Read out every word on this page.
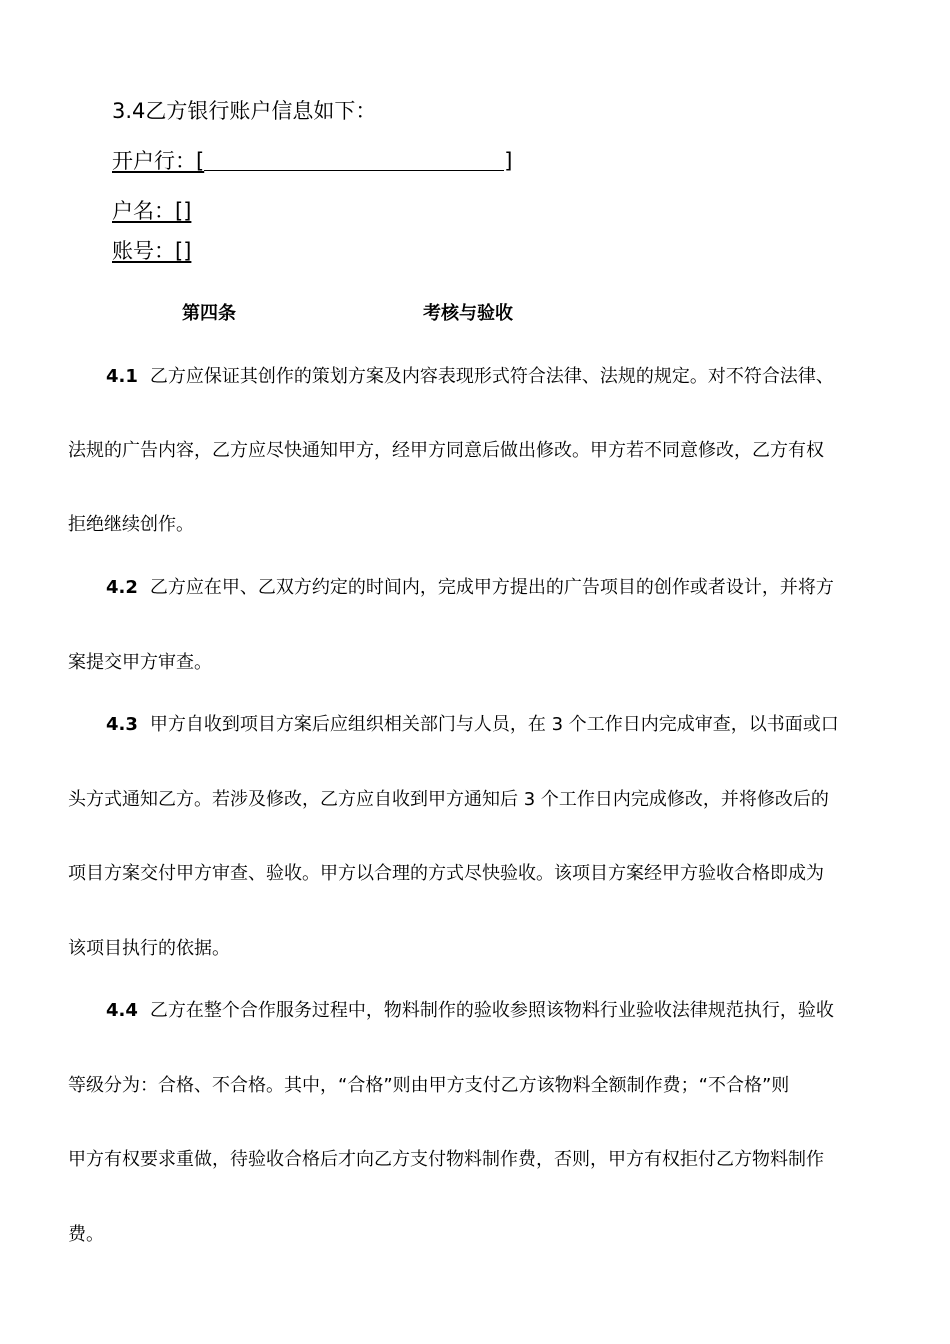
3.4乙方银行账户信息如下：
开户行：[	]
户名：[]
账号：[]
第四条	考核与验收
4.1 乙方应保证其创作的策划方案及内容表现形式符合法律、法规的规定。对不符合法律、
法规的广告内容，乙方应尽快通知甲方，经甲方同意后做出修改。甲方若不同意修改，乙方有权
拒绝继续创作。
4.2 乙方应在甲、乙双方约定的时间内，完成甲方提出的广告项目的创作或者设计，并将方
案提交甲方审查。
4.3 甲方自收到项目方案后应组织相关部门与人员，在 3 个工作日内完成审查，以书面或口
头方式通知乙方。若涉及修改，乙方应自收到甲方通知后 3 个工作日内完成修改，并将修改后的
项目方案交付甲方审查、验收。甲方以合理的方式尽快验收。该项目方案经甲方验收合格即成为
该项目执行的依据。
4.4 乙方在整个合作服务过程中，物料制作的验收参照该物料行业验收法律规范执行，验收
等级分为：合格、不合格。其中，“合格”则由甲方支付乙方该物料全额制作费；“不合格”则
甲方有权要求重做，待验收合格后才向乙方支付物料制作费，否则，甲方有权拒付乙方物料制作
费。
